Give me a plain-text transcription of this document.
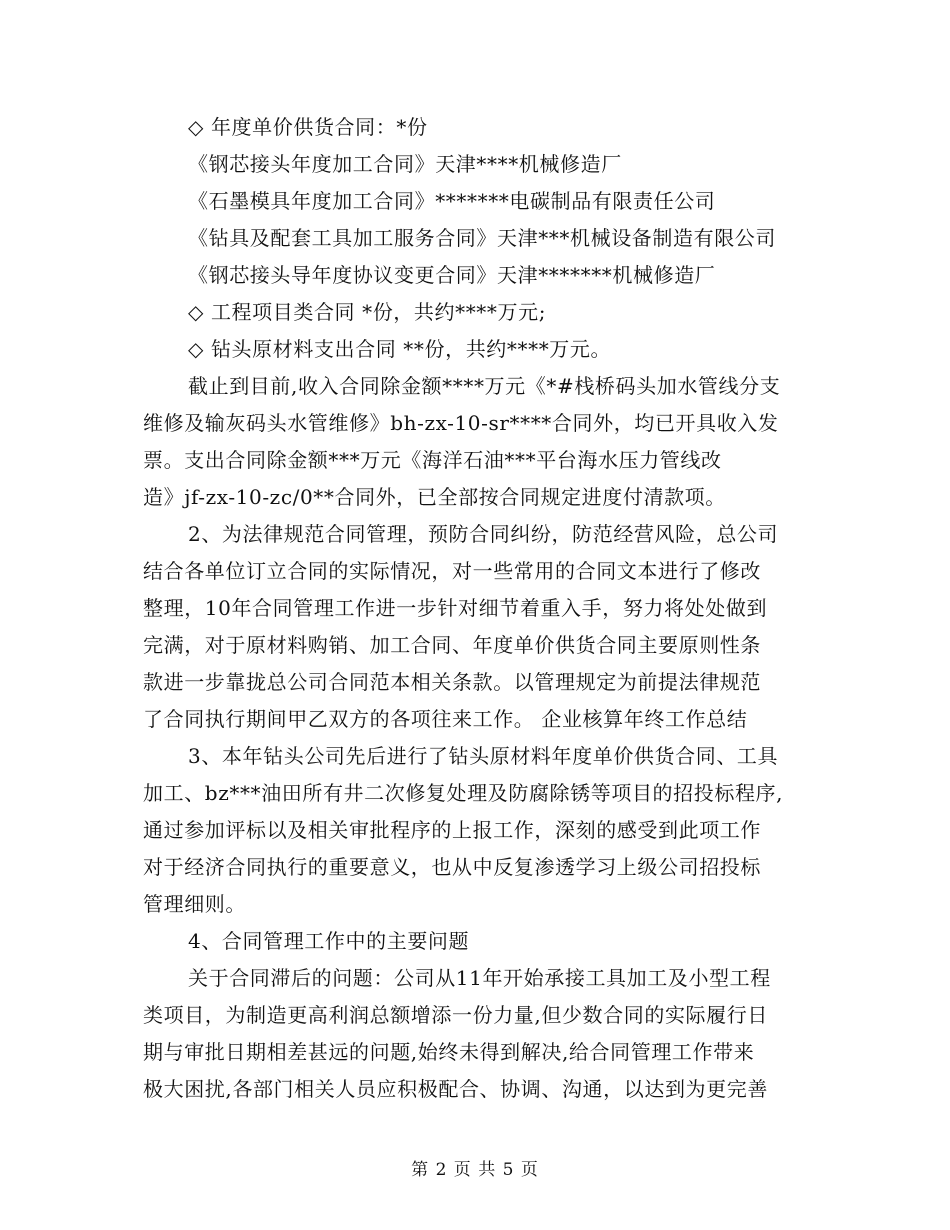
◇ 年度单价供货合同：*份
《钢芯接头年度加工合同》天津****机械修造厂
《石墨模具年度加工合同》*******电碳制品有限责任公司
《钻具及配套工具加工服务合同》天津***机械设备制造有限公司
《钢芯接头导年度协议变更合同》天津*******机械修造厂
◇ 工程项目类合同 *份，共约****万元;
◇ 钻头原材料支出合同 **份，共约****万元。
截止到目前,收入合同除金额****万元《*#栈桥码头加水管线分支
维修及输灰码头水管维修》bh-zx-10-sr****合同外，均已开具收入发
票。支出合同除金额***万元《海洋石油***平台海水压力管线改
造》jf-zx-10-zc/0**合同外，已全部按合同规定进度付清款项。
2、为法律规范合同管理，预防合同纠纷，防范经营风险，总公司
结合各单位订立合同的实际情况，对一些常用的合同文本进行了修改
整理，10年合同管理工作进一步针对细节着重入手，努力将处处做到
完满，对于原材料购销、加工合同、年度单价供货合同主要原则性条
款进一步靠拢总公司合同范本相关条款。以管理规定为前提法律规范
了合同执行期间甲乙双方的各项往来工作。 企业核算年终工作总结
3、本年钻头公司先后进行了钻头原材料年度单价供货合同、工具
加工、bz***油田所有井二次修复处理及防腐除锈等项目的招投标程序,
通过参加评标以及相关审批程序的上报工作，深刻的感受到此项工作
对于经济合同执行的重要意义，也从中反复渗透学习上级公司招投标
管理细则。
4、合同管理工作中的主要问题
关于合同滞后的问题：公司从11年开始承接工具加工及小型工程
类项目，为制造更高利润总额增添一份力量,但少数合同的实际履行日
期与审批日期相差甚远的问题,始终未得到解决,给合同管理工作带来
极大困扰,各部门相关人员应积极配合、协调、沟通，以达到为更完善
第 2 页 共 5 页
